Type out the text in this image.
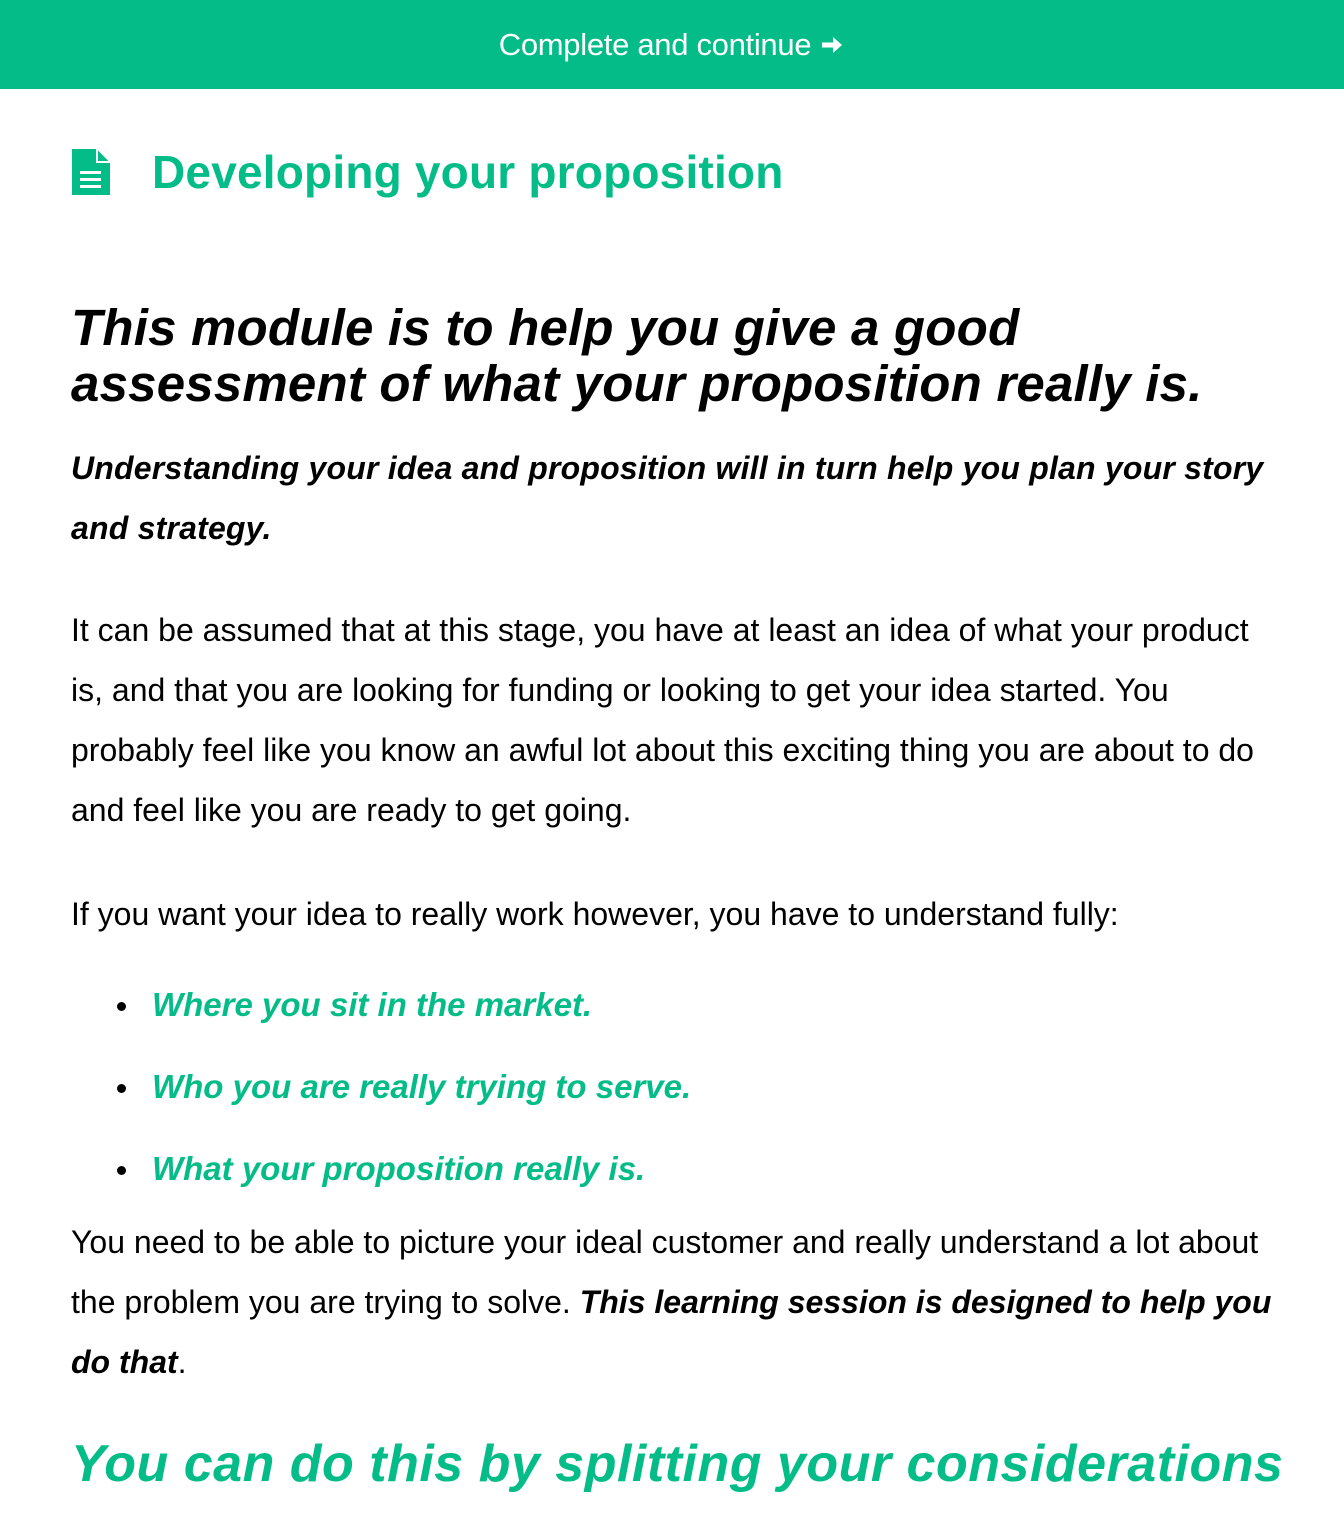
Complete and continue
Developing your proposition
This module is to help you give a good assessment of what your proposition really is.

Understanding your idea and proposition will in turn help you plan your story and strategy.

It can be assumed that at this stage, you have at least an idea of what your product is, and that you are looking for funding or looking to get your idea started. You probably feel like you know an awful lot about this exciting thing you are about to do and feel like you are ready to get going.

If you want your idea to really work however, you have to understand fully:

Where you sit in the market.
Who you are really trying to serve.
What your proposition really is.

You need to be able to picture your ideal customer and really understand a lot about the problem you are trying to solve. This learning session is designed to help you do that.

You can do this by splitting your considerations
